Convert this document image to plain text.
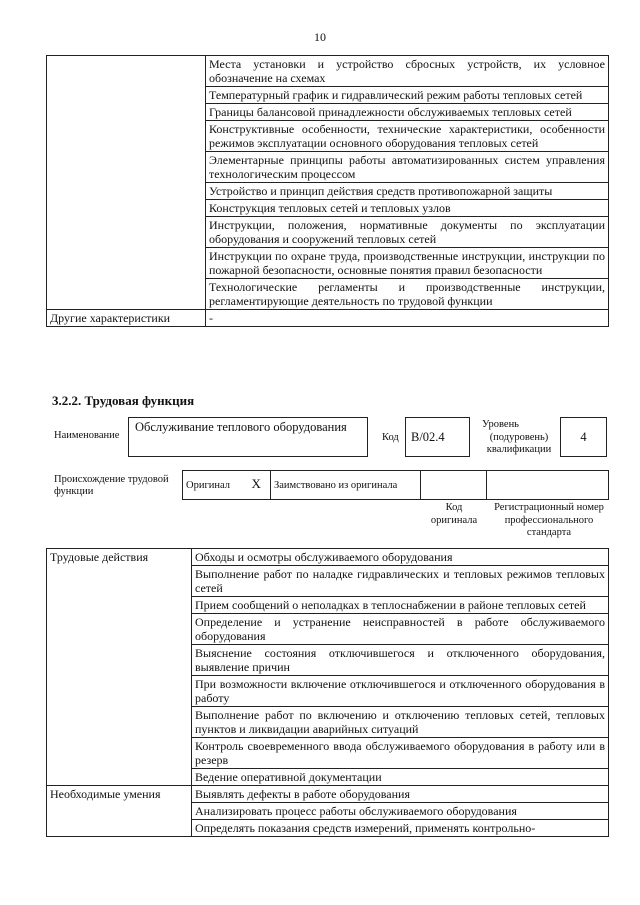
10
	Места установки и устройство сбросных устройств, их условное обозначение на схемах
	Температурный график и гидравлический режим работы тепловых сетей
	Границы балансовой принадлежности обслуживаемых тепловых сетей
	Конструктивные особенности, технические характеристики, особенности режимов эксплуатации основного оборудования тепловых сетей
	Элементарные принципы работы автоматизированных систем управления технологическим процессом
	Устройство и принцип действия средств противопожарной защиты
	Конструкция тепловых сетей и тепловых узлов
	Инструкции, положения, нормативные документы по эксплуатации оборудования и сооружений тепловых сетей
	Инструкции по охране труда, производственные инструкции, инструкции по пожарной безопасности, основные понятия правил безопасности
	Технологические регламенты и производственные инструкции, регламентирующие деятельность по трудовой функции
Другие характеристики	-
3.2.2. Трудовая функция
Наименование
Обслуживание теплового оборудования
Код B/02.4
Уровень
(подуровень)
квалификации
4
Происхождение трудовой
функции
Оригинал	X	Заимствовано из оригинала		
Код
оригинала
Регистрационный номер
профессионального
стандарта
Трудовые действия	Обходы и осмотры обслуживаемого оборудования
	Выполнение работ по наладке гидравлических и тепловых режимов тепловых сетей
	Прием сообщений о неполадках в теплоснабжении в районе тепловых сетей
	Определение и устранение неисправностей в работе обслуживаемого оборудования
	Выяснение состояния отключившегося и отключенного оборудования, выявление причин
	При возможности включение отключившегося и отключенного оборудования в работу
	Выполнение работ по включению и отключению тепловых сетей, тепловых пунктов и ликвидации аварийных ситуаций
	Контроль своевременного ввода обслуживаемого оборудования в работу или в резерв
	Ведение оперативной документации
Необходимые умения	Выявлять дефекты в работе оборудования
	Анализировать процесс работы обслуживаемого оборудования
	Определять показания средств измерений, применять контрольно-
